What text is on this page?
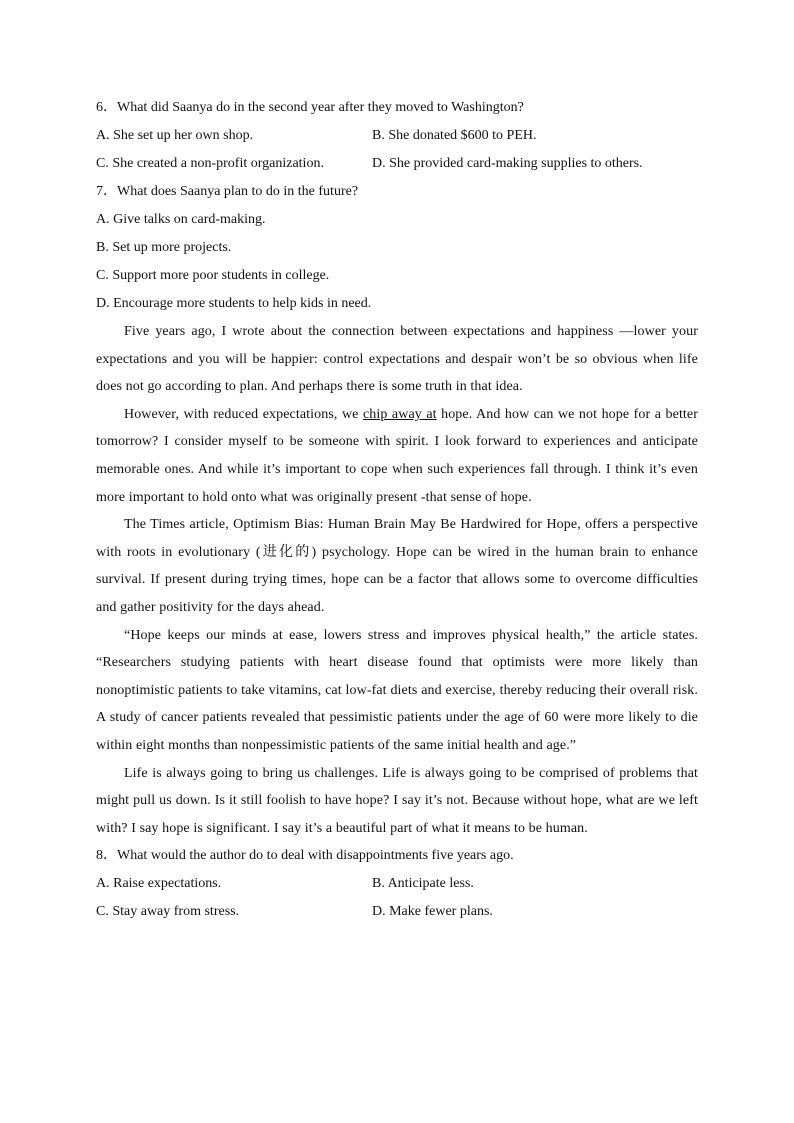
6．What did Saanya do in the second year after they moved to Washington?
A. She set up her own shop.	B. She donated $600 to PEH.
C. She created a non-profit organization.	D. She provided card-making supplies to others.
7．What does Saanya plan to do in the future?
A. Give talks on card-making.
B. Set up more projects.
C. Support more poor students in college.
D. Encourage more students to help kids in need.

Five years ago, I wrote about the connection between expectations and happiness —lower your expectations and you will be happier: control expectations and despair won’t be so obvious when life does not go according to plan. And perhaps there is some truth in that idea.

However, with reduced expectations, we chip away at hope. And how can we not hope for a better tomorrow? I consider myself to be someone with spirit. I look forward to experiences and anticipate memorable ones. And while it’s important to cope when such experiences fall through. I think it’s even more important to hold onto what was originally present -that sense of hope.

The Times article, Optimism Bias: Human Brain May Be Hardwired for Hope, offers a perspective with roots in evolutionary (进化的) psychology. Hope can be wired in the human brain to enhance survival. If present during trying times, hope can be a factor that allows some to overcome difficulties and gather positivity for the days ahead.

“Hope keeps our minds at ease, lowers stress and improves physical health,” the article states. “Researchers studying patients with heart disease found that optimists were more likely than nonoptimistic patients to take vitamins, cat low-fat diets and exercise, thereby reducing their overall risk. A study of cancer patients revealed that pessimistic patients under the age of 60 were more likely to die within eight months than nonpessimistic patients of the same initial health and age.”

Life is always going to bring us challenges. Life is always going to be comprised of problems that might pull us down. Is it still foolish to have hope? I say it’s not. Because without hope, what are we left with? I say hope is significant. I say it’s a beautiful part of what it means to be human.

8．What would the author do to deal with disappointments five years ago.
A. Raise expectations.	B. Anticipate less.
C. Stay away from stress.	D. Make fewer plans.
